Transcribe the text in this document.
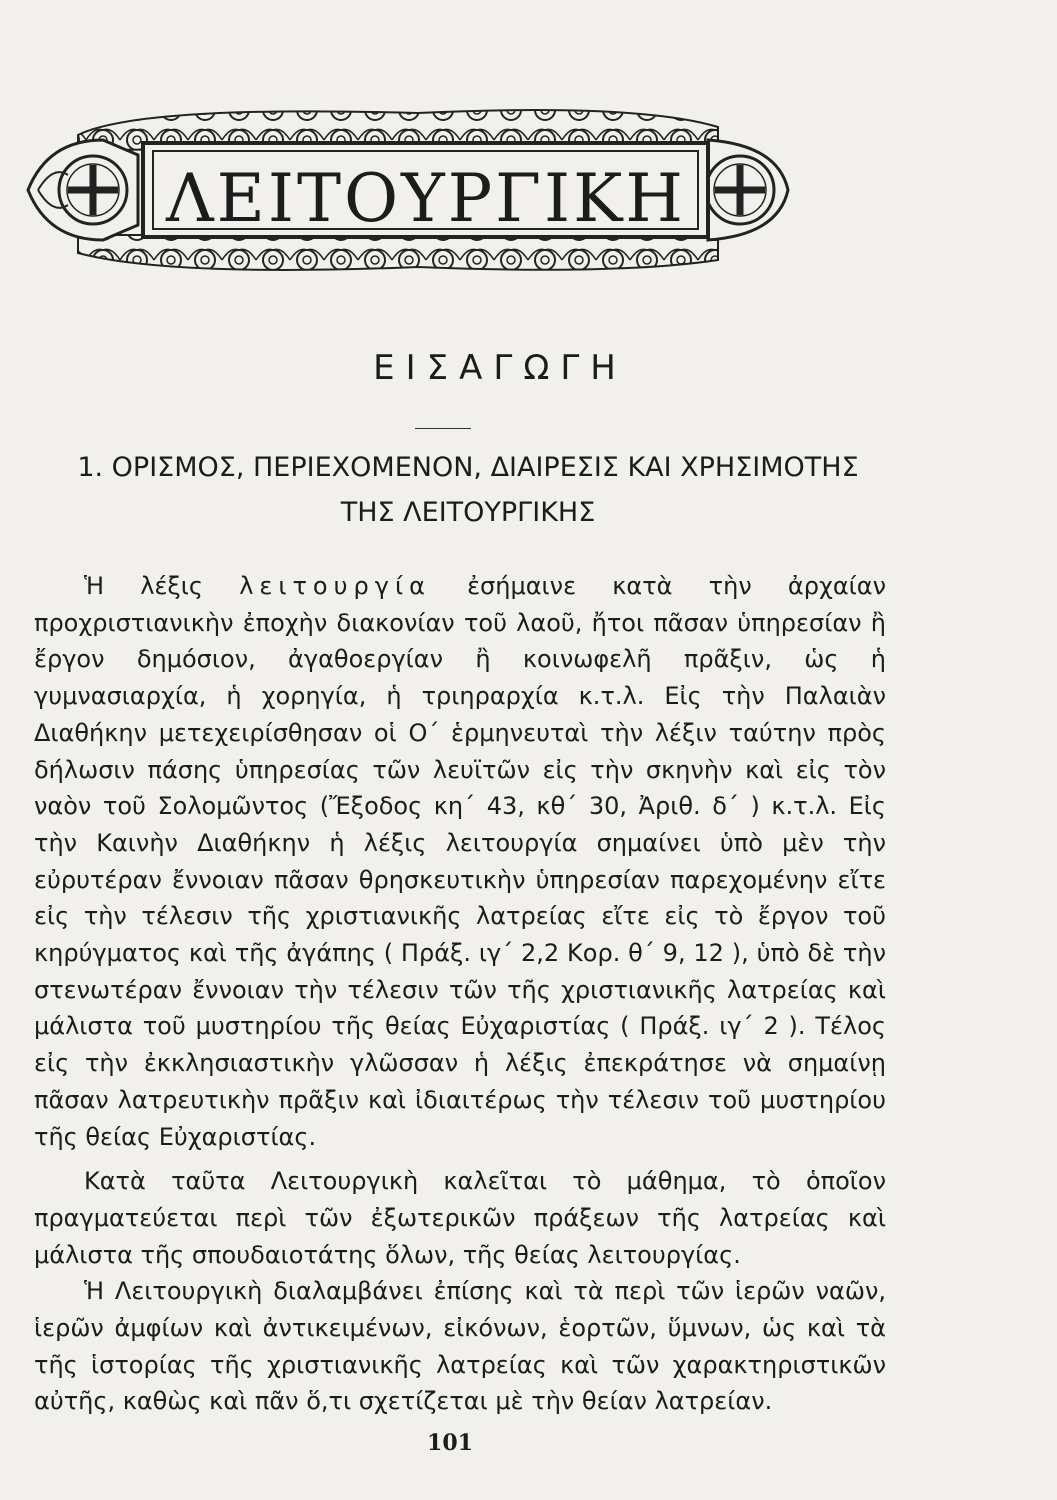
ΛΕΙΤΟΥΡΓΙΚΗ
ΕΙΣΑΓΩΓΗ
1. ΟΡΙΣΜΟΣ, ΠΕΡΙΕΧΟΜΕΝΟΝ, ΔΙΑΙΡΕΣΙΣ ΚΑΙ ΧΡΗΣΙΜΟΤΗΣ
ΤΗΣ ΛΕΙΤΟΥΡΓΙΚΗΣ

Ἡ λέξις λειτουργία ἐσήμαινε κατὰ τὴν ἀρχαίαν προχριστιανικὴν ἐποχὴν διακονίαν τοῦ λαοῦ, ἤτοι πᾶσαν ὑπηρεσίαν ἢ ἔργον δημόσιον, ἀγαθοεργίαν ἢ κοινωφελῆ πρᾶξιν, ὡς ἡ γυμνασιαρχία, ἡ χορηγία, ἡ τριηραρχία κ.τ.λ. Εἰς τὴν Παλαιὰν Διαθήκην μετεχειρίσθησαν οἱ Ο΄ ἑρμηνευταὶ τὴν λέξιν ταύτην πρὸς δήλωσιν πάσης ὑπηρεσίας τῶν λευϊτῶν εἰς τὴν σκηνὴν καὶ εἰς τὸν ναὸν τοῦ Σολομῶντος (Ἔξοδος κη΄ 43, κθ΄ 30, Ἀριθ. δ΄ ) κ.τ.λ. Εἰς τὴν Καινὴν Διαθήκην ἡ λέξις λειτουργία σημαίνει ὑπὸ μὲν τὴν εὐρυτέραν ἔννοιαν πᾶσαν θρησκευτικὴν ὑπηρεσίαν παρεχομένην εἴτε εἰς τὴν τέλεσιν τῆς χριστιανικῆς λατρείας εἴτε εἰς τὸ ἔργον τοῦ κηρύγματος καὶ τῆς ἀγάπης ( Πράξ. ιγ΄ 2,2 Κορ. θ΄ 9, 12 ), ὑπὸ δὲ τὴν στενωτέραν ἔννοιαν τὴν τέλεσιν τῶν τῆς χριστιανικῆς λατρείας καὶ μάλιστα τοῦ μυστηρίου τῆς θείας Εὐχαριστίας ( Πράξ. ιγ΄ 2 ). Τέλος εἰς τὴν ἐκκλησιαστικὴν γλῶσσαν ἡ λέξις ἐπεκράτησε νὰ σημαίνῃ πᾶσαν λατρευτικὴν πρᾶξιν καὶ ἰδιαιτέρως τὴν τέλεσιν τοῦ μυστηρίου τῆς θείας Εὐχαριστίας.

Κατὰ ταῦτα Λειτουργικὴ καλεῖται τὸ μάθημα, τὸ ὁποῖον πραγματεύεται περὶ τῶν ἐξωτερικῶν πράξεων τῆς λατρείας καὶ μάλιστα τῆς σπουδαιοτάτης ὅλων, τῆς θείας λειτουργίας.

Ἡ Λειτουργικὴ διαλαμβάνει ἐπίσης καὶ τὰ περὶ τῶν ἱερῶν ναῶν, ἱερῶν ἀμφίων καὶ ἀντικειμένων, εἰκόνων, ἑορτῶν, ὕμνων, ὡς καὶ τὰ τῆς ἱστορίας τῆς χριστιανικῆς λατρείας καὶ τῶν χαρακτηριστικῶν αὐτῆς, καθὼς καὶ πᾶν ὅ,τι σχετίζεται μὲ τὴν θείαν λατρείαν.

101
